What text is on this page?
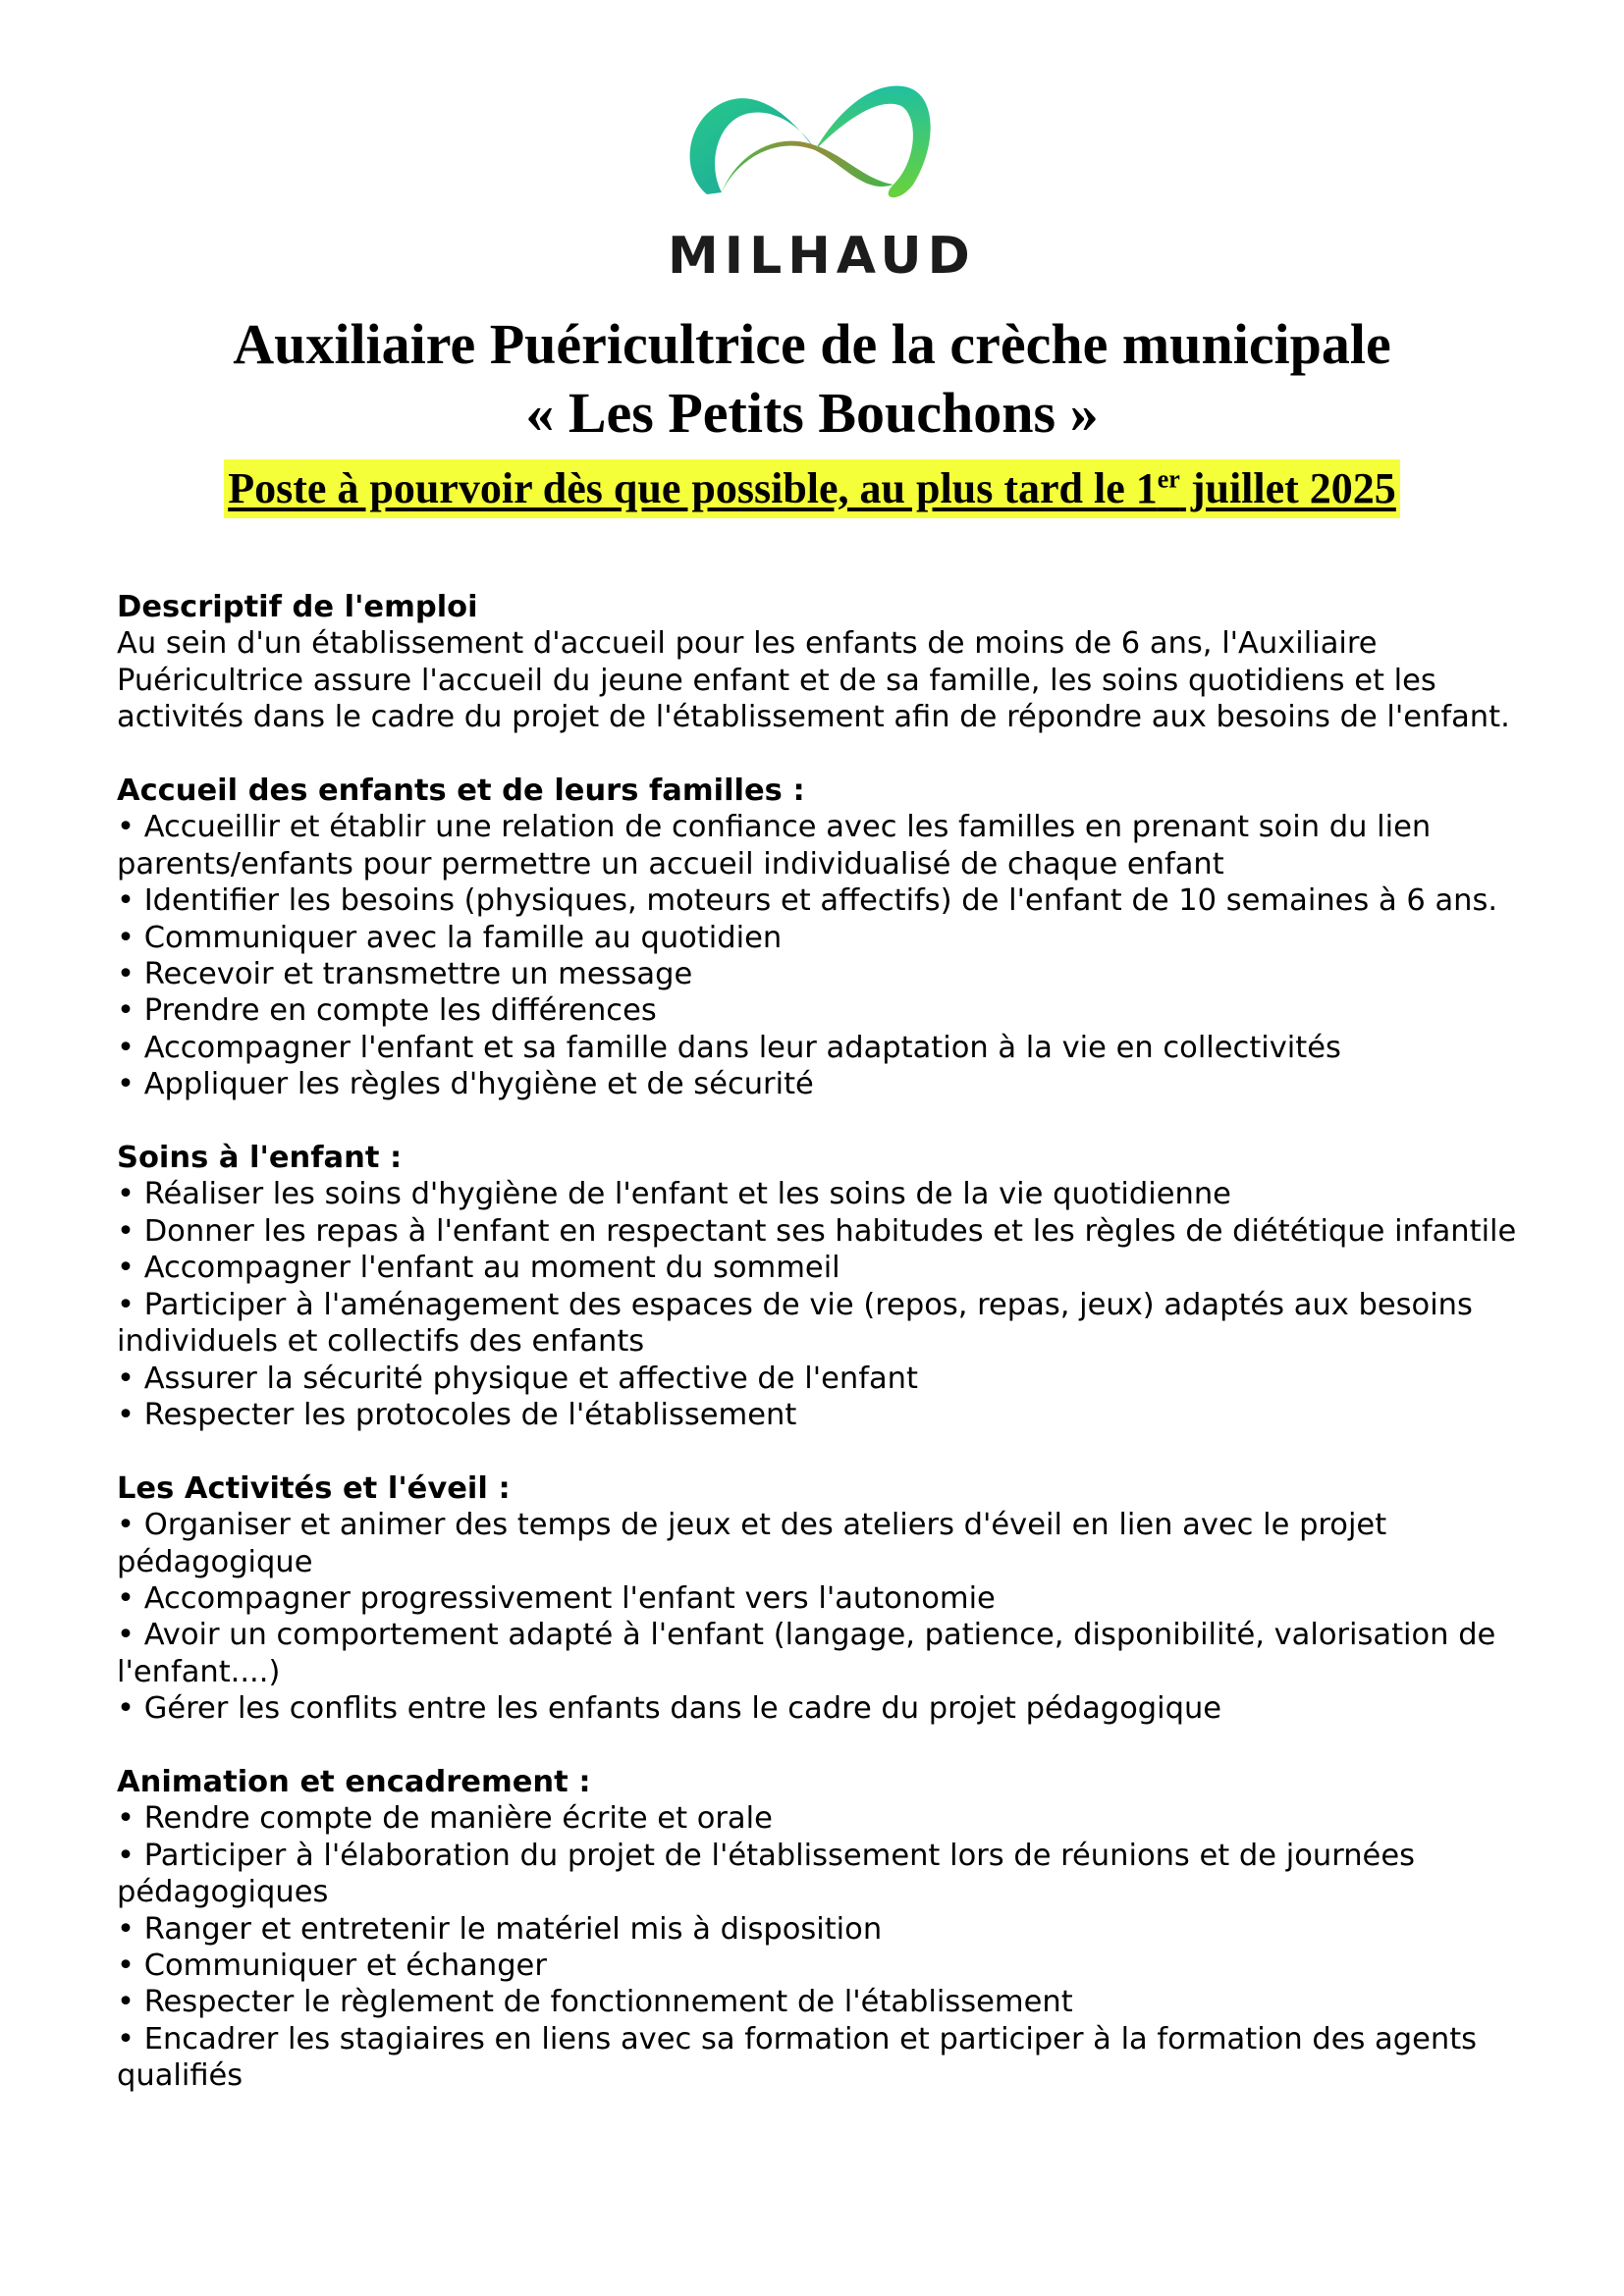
MILHAUD
Auxiliaire Puéricultrice de la crèche municipale
« Les Petits Bouchons »
Poste à pourvoir dès que possible, au plus tard le 1er juillet 2025
Descriptif de l'emploi
Au sein d'un établissement d'accueil pour les enfants de moins de 6 ans, l'Auxiliaire Puéricultrice assure l'accueil du jeune enfant et de sa famille, les soins quotidiens et les activités dans le cadre du projet de l'établissement afin de répondre aux besoins de l'enfant.
Accueil des enfants et de leurs familles :
• Accueillir et établir une relation de confiance avec les familles en prenant soin du lien parents/enfants pour permettre un accueil individualisé de chaque enfant
• Identifier les besoins (physiques, moteurs et affectifs) de l'enfant de 10 semaines à 6 ans.
• Communiquer avec la famille au quotidien
• Recevoir et transmettre un message
• Prendre en compte les différences
• Accompagner l'enfant et sa famille dans leur adaptation à la vie en collectivités
• Appliquer les règles d'hygiène et de sécurité
Soins à l'enfant :
• Réaliser les soins d'hygiène de l'enfant et les soins de la vie quotidienne
• Donner les repas à l'enfant en respectant ses habitudes et les règles de diététique infantile
• Accompagner l'enfant au moment du sommeil
• Participer à l'aménagement des espaces de vie (repos, repas, jeux) adaptés aux besoins individuels et collectifs des enfants
• Assurer la sécurité physique et affective de l'enfant
• Respecter les protocoles de l'établissement
Les Activités et l'éveil :
• Organiser et animer des temps de jeux et des ateliers d'éveil en lien avec le projet pédagogique
• Accompagner progressivement l'enfant vers l'autonomie
• Avoir un comportement adapté à l'enfant (langage, patience, disponibilité, valorisation de l'enfant....)
• Gérer les conflits entre les enfants dans le cadre du projet pédagogique
Animation et encadrement :
• Rendre compte de manière écrite et orale
• Participer à l'élaboration du projet de l'établissement lors de réunions et de journées pédagogiques
• Ranger et entretenir le matériel mis à disposition
• Communiquer et échanger
• Respecter le règlement de fonctionnement de l'établissement
• Encadrer les stagiaires en liens avec sa formation et participer à la formation des agents qualifiés
